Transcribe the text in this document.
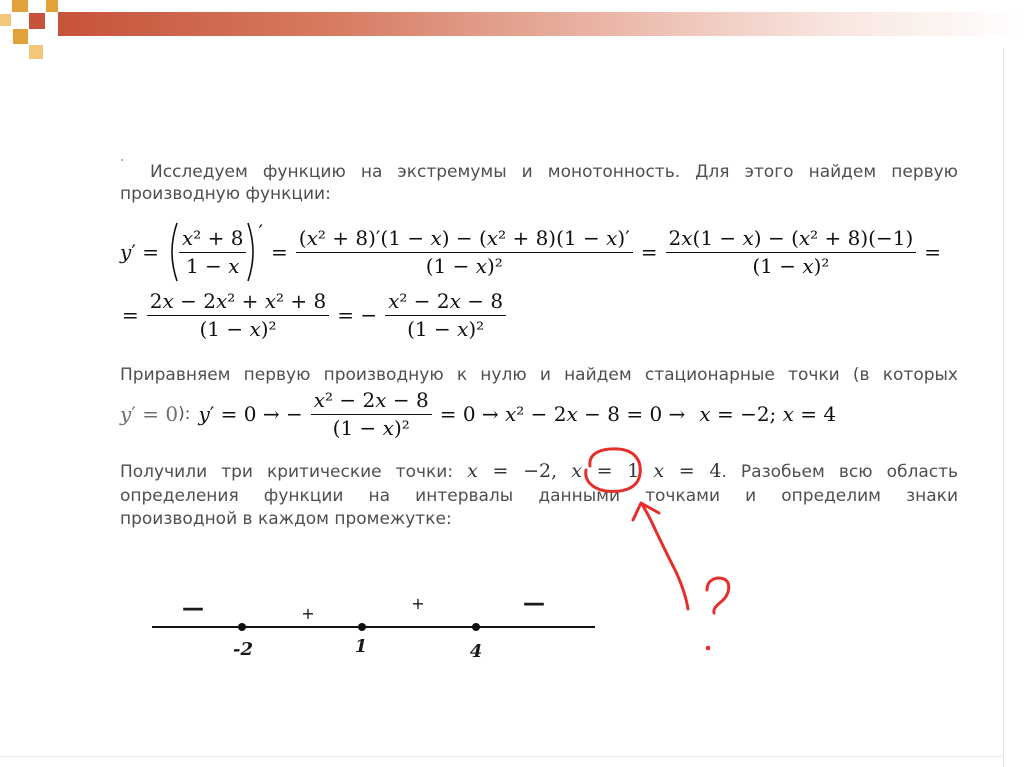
Исследуем функцию на экстремумы и монотонность. Для этого найдем первую
производную функции:
$y' = \frac{\text{x² + 8}}{1 - x}$ ′
= $\frac{\text{(x² + 8)′(1 − x) − (x² + 8)(1 − x)′}}{\text{(1 − x)²}} = \frac{\text{2x(1 − x) − (x² + 8)(−1)}}{\text{(1 − x)²}}$ =
= $\frac{\text{2x − 2x² + x² + 8}}{\text{(1 − x)²}}$ = − $\frac{\text{x² − 2x − 8}}{\text{(1 − x)²}}$
Приравняем первую производную к нулю и найдем стационарные точки (в которых
y′ = 0 ): y′ = 0 → − $\frac{\text{x² − 2x − 8}}{\text{(1 − x)²}} = 0 \to x^2 - 2x - 8 = 0 \to x = -2$; x = 4
Получили три критические точки: x = −2, x = 1 x = 4. Разобьем всю область
определения функции на интервалы данными точками и определим знаки
производной в каждом промежутке:
-2	1	4
—	+
+	—
